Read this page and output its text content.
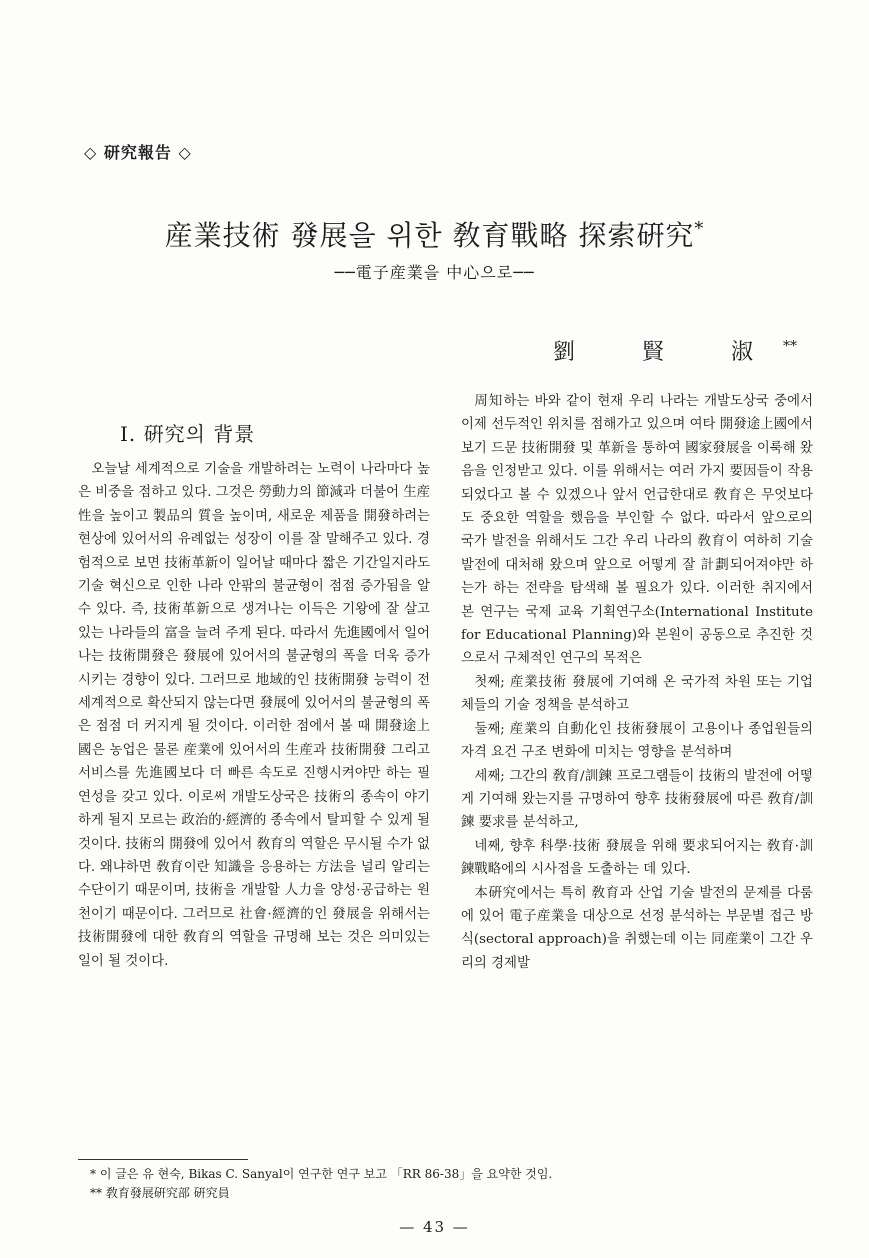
◇ 研究報告 ◇
産業技術 發展을 위한 敎育戰略 探索硏究*
──電子産業을 中心으로──
劉 賢 淑**
Ⅰ. 硏究의 背景

오늘날 세계적으로 기술을 개발하려는 노력이 나라마다 높은 비중을 점하고 있다. 그것은 勞動力의 節減과 더불어 生産性을 높이고 製品의 質을 높이며, 새로운 제품을 開發하려는 현상에 있어서의 유례없는 성장이 이를 잘 말해주고 있다. 경험적으로 보면 技術革新이 일어날 때마다 짧은 기간일지라도 기술 혁신으로 인한 나라 안팎의 불균형이 점점 증가됨을 알 수 있다. 즉, 技術革新으로 생겨나는 이득은 기왕에 잘 살고 있는 나라들의 富을 늘려 주게 된다. 따라서 先進國에서 일어나는 技術開發은 發展에 있어서의 불균형의 폭을 더욱 증가시키는 경향이 있다. 그러므로 地域的인 技術開發 능력이 전세계적으로 확산되지 않는다면 發展에 있어서의 불균형의 폭은 점점 더 커지게 될 것이다. 이러한 점에서 볼 때 開發途上國은 농업은 물론 産業에 있어서의 生産과 技術開發 그리고 서비스를 先進國보다 더 빠른 속도로 진행시켜야만 하는 필연성을 갖고 있다. 이로써 개발도상국은 技術의 종속이 야기하게 될지 모르는 政治的·經濟的 종속에서 탈피할 수 있게 될 것이다. 技術의 開發에 있어서 敎育의 역할은 무시될 수가 없다. 왜냐하면 敎育이란 知識을 응용하는 方法을 널리 알리는 수단이기 때문이며, 技術을 개발할 人力을 양성·공급하는 원천이기 때문이다. 그러므로 社會·經濟的인 發展을 위해서는 技術開發에 대한 敎育의 역할을 규명해 보는 것은 의미있는 일이 될 것이다.

周知하는 바와 같이 현재 우리 나라는 개발도상국 중에서 이제 선두적인 위치를 점해가고 있으며 여타 開發途上國에서 보기 드문 技術開發 및 革新을 통하여 國家發展을 이룩해 왔음을 인정받고 있다. 이를 위해서는 여러 가지 要因들이 작용되었다고 볼 수 있겠으나 앞서 언급한대로 敎育은 무엇보다도 중요한 역할을 했음을 부인할 수 없다. 따라서 앞으로의 국가 발전을 위해서도 그간 우리 나라의 敎育이 여하히 기술발전에 대처해 왔으며 앞으로 어떻게 잘 計劃되어져야만 하는가 하는 전략을 탐색해 볼 필요가 있다. 이러한 취지에서 본 연구는 국제 교육 기획연구소(International Institute for Educational Planning)와 본원이 공동으로 추진한 것으로서 구체적인 연구의 목적은

첫째; 産業技術 發展에 기여해 온 국가적 차원 또는 기업체들의 기술 정책을 분석하고

둘째; 産業의 自動化인 技術發展이 고용이나 종업원들의 자격 요건 구조 변화에 미치는 영향을 분석하며

세째; 그간의 敎育/訓鍊 프로그램들이 技術의 발전에 어떻게 기여해 왔는지를 규명하여 향후 技術發展에 따른 敎育/訓鍊 要求를 분석하고,

네째, 향후 科學·技術 發展을 위해 要求되어지는 敎育·訓鍊戰略에의 시사점을 도출하는 데 있다.

本硏究에서는 특히 敎育과 산업 기술 발전의 문제를 다룸에 있어 電子産業을 대상으로 선정 분석하는 부문별 접근 방식(sectoral approach)을 취했는데 이는 同産業이 그간 우리의 경제발

* 이 글은 유 현숙, Bikas C. Sanyal이 연구한 연구 보고 「RR 86-38」을 요약한 것임.
** 敎育發展硏究部 硏究員
— 43 —
